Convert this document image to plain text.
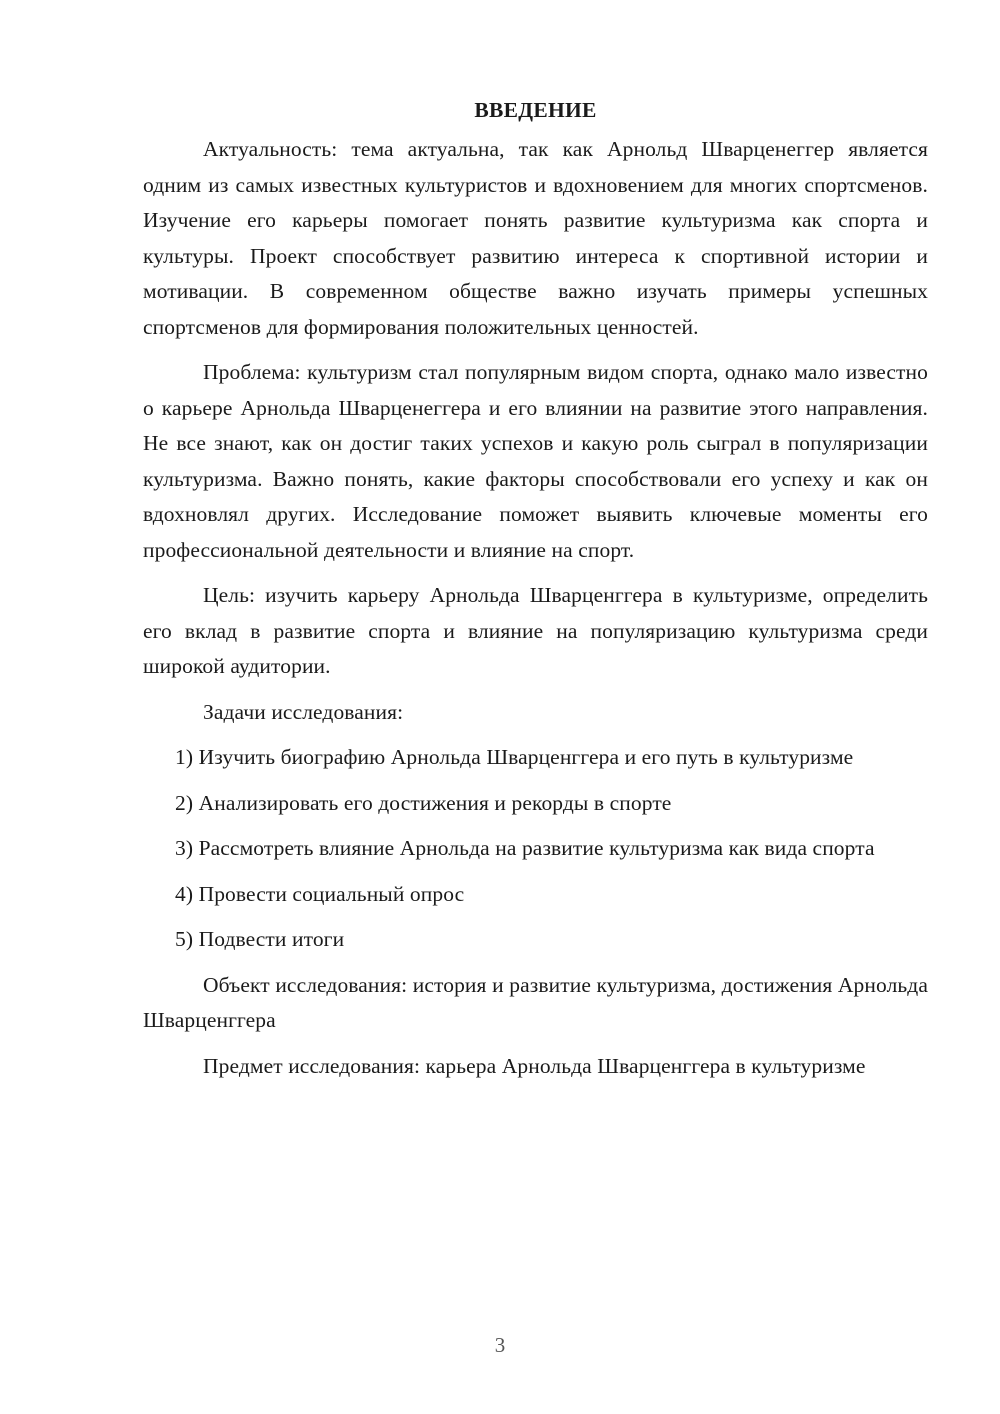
ВВЕДЕНИЕ

Актуальность: тема актуальна, так как Арнольд Шварценеггер является одним из самых известных культуристов и вдохновением для многих спортсменов. Изучение его карьеры помогает понять развитие культуризма как спорта и культуры. Проект способствует развитию интереса к спортивной истории и мотивации. В современном обществе важно изучать примеры успешных спортсменов для формирования положительных ценностей.

Проблема: культуризм стал популярным видом спорта, однако мало известно о карьере Арнольда Шварценеггера и его влиянии на развитие этого направления. Не все знают, как он достиг таких успехов и какую роль сыграл в популяризации культуризма. Важно понять, какие факторы способствовали его успеху и как он вдохновлял других. Исследование поможет выявить ключевые моменты его профессиональной деятельности и влияние на спорт.

Цель: изучить карьеру Арнольда Шварценггера в культуризме, определить его вклад в развитие спорта и влияние на популяризацию культуризма среди широкой аудитории.

Задачи исследования:

1) Изучить биографию Арнольда Шварценггера и его путь в культуризме

2) Анализировать его достижения и рекорды в спорте

3) Рассмотреть влияние Арнольда на развитие культуризма как вида спорта

4) Провести социальный опрос

5) Подвести итоги

Объект исследования: история и развитие культуризма, достижения Арнольда Шварценггера

Предмет исследования: карьера Арнольда Шварценггера в культуризме

3
